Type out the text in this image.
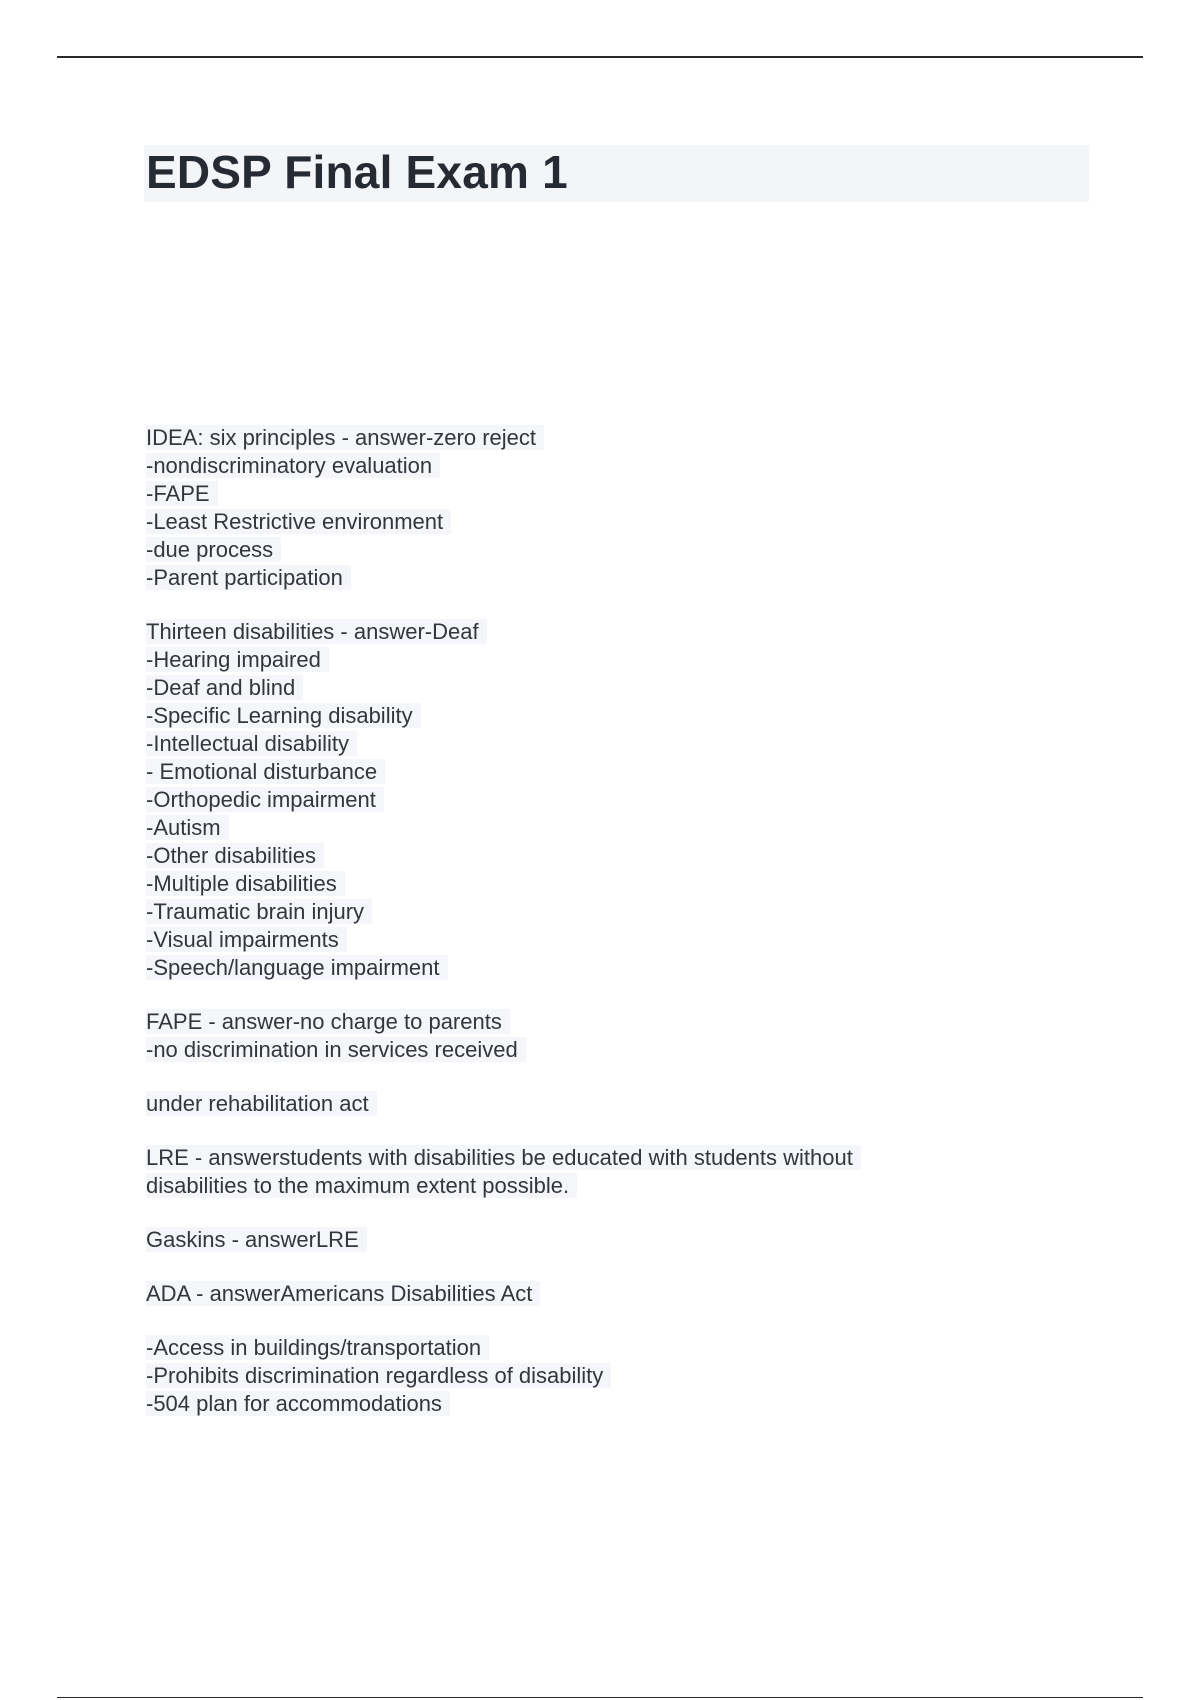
EDSP Final Exam 1
IDEA: six principles - answer-zero reject
-nondiscriminatory evaluation
-FAPE
-Least Restrictive environment
-due process
-Parent participation
Thirteen disabilities - answer-Deaf
-Hearing impaired
-Deaf and blind
-Specific Learning disability
-Intellectual disability
- Emotional disturbance
-Orthopedic impairment
-Autism
-Other disabilities
-Multiple disabilities
-Traumatic brain injury
-Visual impairments
-Speech/language impairment
FAPE - answer-no charge to parents
-no discrimination in services received
under rehabilitation act
LRE - answerstudents with disabilities be educated with students without
disabilities to the maximum extent possible.
Gaskins - answerLRE
ADA - answerAmericans Disabilities Act
-Access in buildings/transportation
-Prohibits discrimination regardless of disability
-504 plan for accommodations
